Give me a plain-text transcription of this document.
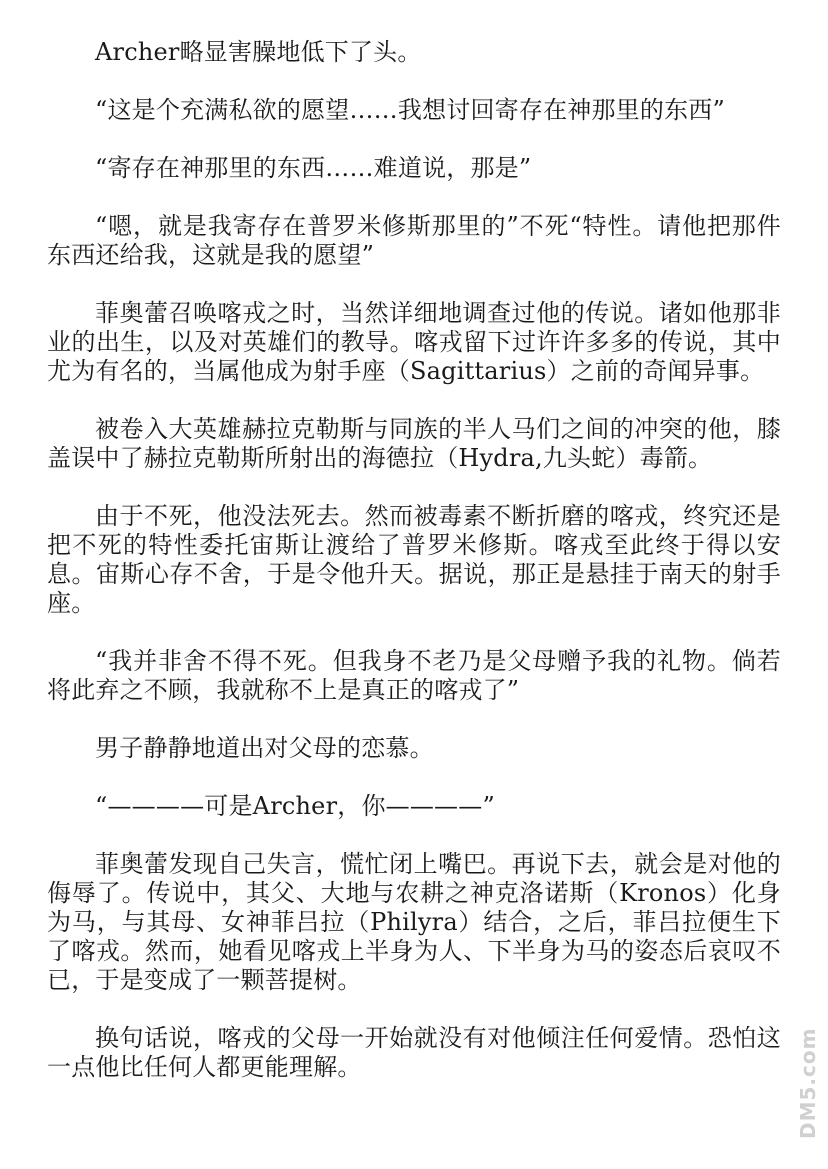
Archer略显害臊地低下了头。

“这是个充满私欲的愿望……我想讨回寄存在神那里的东西”

“寄存在神那里的东西……难道说，那是”

“嗯，就是我寄存在普罗米修斯那里的”不死“特性。请他把那件东西还给我，这就是我的愿望”

菲奥蕾召唤喀戎之时，当然详细地调查过他的传说。诸如他那非业的出生，以及对英雄们的教导。喀戎留下过许许多多的传说，其中尤为有名的，当属他成为射手座（Sagittarius）之前的奇闻异事。

被卷入大英雄赫拉克勒斯与同族的半人马们之间的冲突的他，膝盖误中了赫拉克勒斯所射出的海德拉（Hydra,九头蛇）毒箭。

由于不死，他没法死去。然而被毒素不断折磨的喀戎，终究还是把不死的特性委托宙斯让渡给了普罗米修斯。喀戎至此终于得以安息。宙斯心存不舍，于是令他升天。据说，那正是悬挂于南天的射手座。

“我并非舍不得不死。但我身不老乃是父母赠予我的礼物。倘若将此弃之不顾，我就称不上是真正的喀戎了”

男子静静地道出对父母的恋慕。

“————可是Archer，你————”

菲奥蕾发现自己失言，慌忙闭上嘴巴。再说下去，就会是对他的侮辱了。传说中，其父、大地与农耕之神克洛诺斯（Kronos）化身为马，与其母、女神菲吕拉（Philyra）结合，之后，菲吕拉便生下了喀戎。然而，她看见喀戎上半身为人、下半身为马的姿态后哀叹不已，于是变成了一颗菩提树。

换句话说，喀戎的父母一开始就没有对他倾注任何爱情。恐怕这一点他比任何人都更能理解。	DM5.com
